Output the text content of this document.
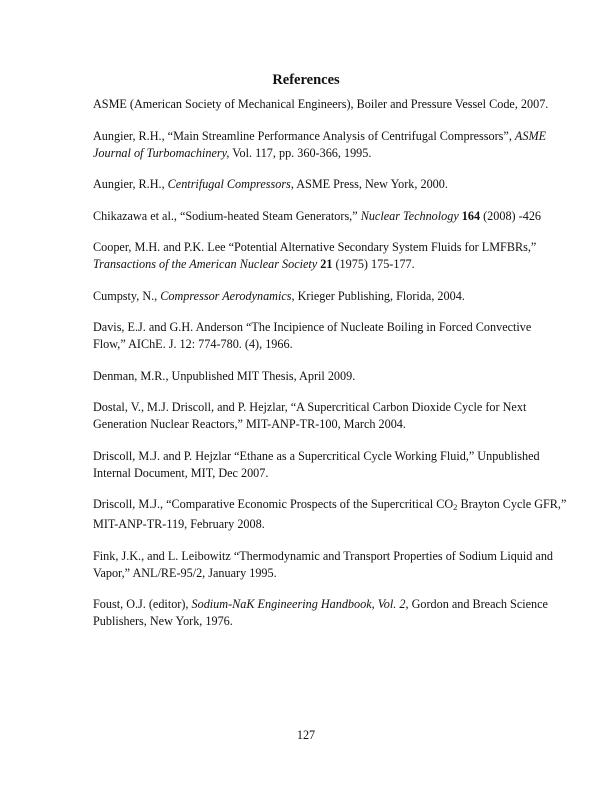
References
ASME (American Society of Mechanical Engineers), Boiler and Pressure Vessel Code, 2007.
Aungier, R.H., “Main Streamline Performance Analysis of Centrifugal Compressors”, ASME
Journal of Turbomachinery, Vol. 117, pp. 360-366, 1995.
Aungier, R.H., Centrifugal Compressors, ASME Press, New York, 2000.
Chikazawa et al., “Sodium-heated Steam Generators,” Nuclear Technology 164 (2008) -426
Cooper, M.H. and P.K. Lee “Potential Alternative Secondary System Fluids for LMFBRs,”
Transactions of the American Nuclear Society 21 (1975) 175-177.
Cumpsty, N., Compressor Aerodynamics, Krieger Publishing, Florida, 2004.
Davis, E.J. and G.H. Anderson “The Incipience of Nucleate Boiling in Forced Convective
Flow,” AIChE. J. 12: 774-780. (4), 1966.
Denman, M.R., Unpublished MIT Thesis, April 2009.
Dostal, V., M.J. Driscoll, and P. Hejzlar, “A Supercritical Carbon Dioxide Cycle for Next
Generation Nuclear Reactors,” MIT-ANP-TR-100, March 2004.
Driscoll, M.J. and P. Hejzlar “Ethane as a Supercritical Cycle Working Fluid,” Unpublished
Internal Document, MIT, Dec 2007.
Driscoll, M.J., “Comparative Economic Prospects of the Supercritical $CO_2$ Brayton Cycle GFR,”
MIT-ANP-TR-119, February 2008.
Fink, J.K., and L. Leibowitz “Thermodynamic and Transport Properties of Sodium Liquid and
Vapor,” ANL/RE-95/2, January 1995.
Foust, O.J. (editor), Sodium-NaK Engineering Handbook, Vol. 2, Gordon and Breach Science
Publishers, New York, 1976.
127
